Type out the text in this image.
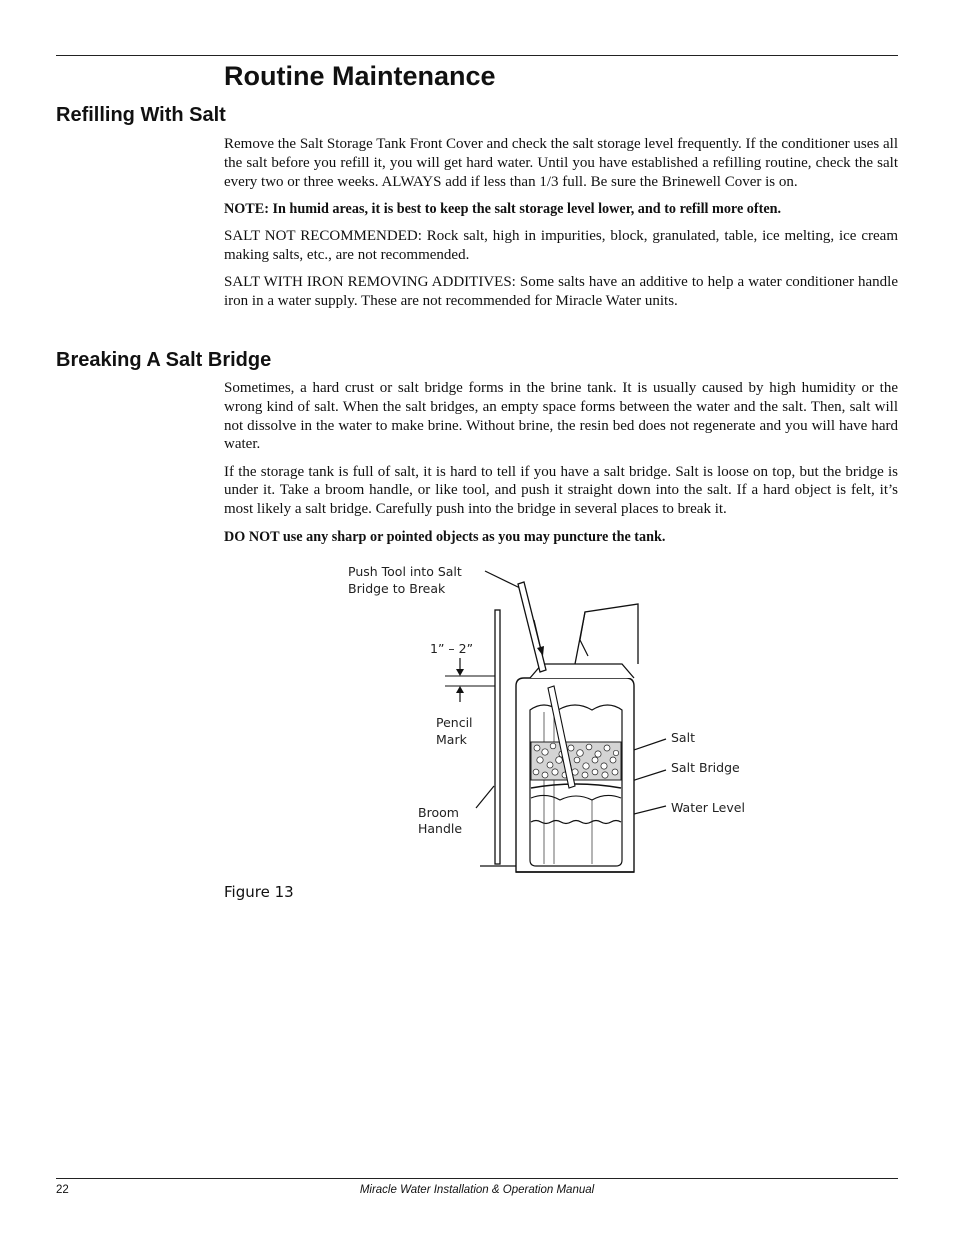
Routine Maintenance
Refilling With Salt

Remove the Salt Storage Tank Front Cover and check the salt storage level frequently. If the conditioner uses all the salt before you refill it, you will get hard water. Until you have established a refilling routine, check the salt every two or three weeks. ALWAYS add if less than 1/3 full. Be sure the Brinewell Cover is on.

NOTE: In humid areas, it is best to keep the salt storage level lower, and to refill more often.

SALT NOT RECOMMENDED: Rock salt, high in impurities, block, granulated, table, ice melting, ice cream making salts, etc., are not recommended.

SALT WITH IRON REMOVING ADDITIVES: Some salts have an additive to help a water conditioner handle iron in a water supply. These are not recommended for Miracle Water units.

Breaking A Salt Bridge

Sometimes, a hard crust or salt bridge forms in the brine tank. It is usually caused by high humidity or the wrong kind of salt. When the salt bridges, an empty space forms between the water and the salt. Then, salt will not dissolve in the water to make brine. Without brine, the resin bed does not regenerate and you will have hard water.

If the storage tank is full of salt, it is hard to tell if you have a salt bridge. Salt is loose on top, but the bridge is under it. Take a broom handle, or like tool, and push it straight down into the salt. If a hard object is felt, it’s most likely a salt bridge. Carefully push into the bridge in several places to break it.

DO NOT use any sharp or pointed objects as you may puncture the tank.

Push Tool into Salt
Bridge to Break
1” – 2”
Pencil
Mark
Broom
Handle
Salt
Salt Bridge
Water Level
Figure 13
22	Miracle Water Installation & Operation Manual
